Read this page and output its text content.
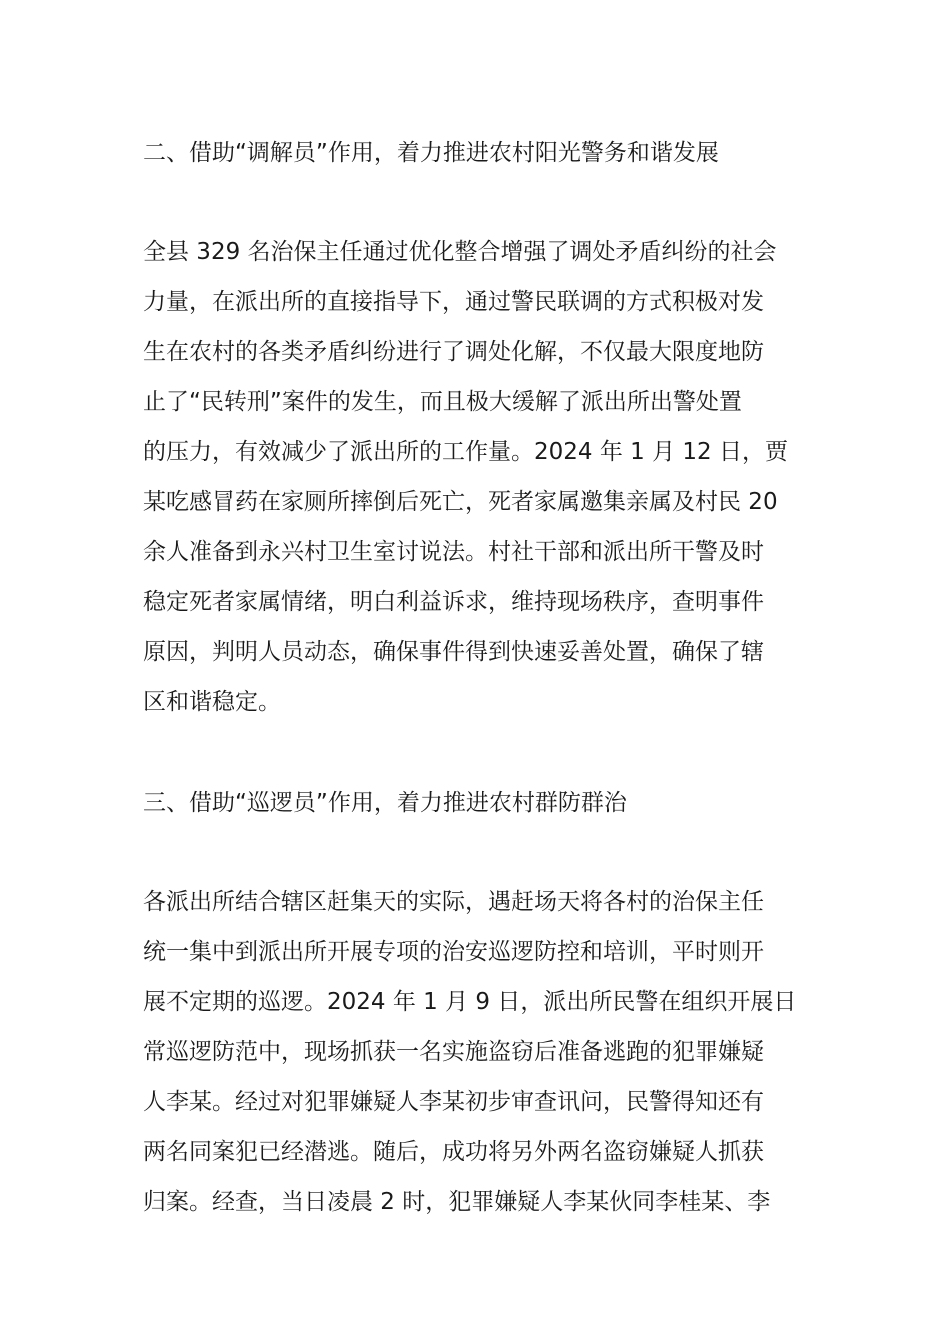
二、借助“调解员”作用，着力推进农村阳光警务和谐发展

全县 329 名治保主任通过优化整合增强了调处矛盾纠纷的社会
力量，在派出所的直接指导下，通过警民联调的方式积极对发
生在农村的各类矛盾纠纷进行了调处化解，不仅最大限度地防
止了“民转刑”案件的发生，而且极大缓解了派出所出警处置
的压力，有效减少了派出所的工作量。2024 年 1 月 12 日，贾
某吃感冒药在家厕所摔倒后死亡，死者家属邀集亲属及村民 20
余人准备到永兴村卫生室讨说法。村社干部和派出所干警及时
稳定死者家属情绪，明白利益诉求，维持现场秩序，查明事件
原因，判明人员动态，确保事件得到快速妥善处置，确保了辖
区和谐稳定。

三、借助“巡逻员”作用，着力推进农村群防群治

各派出所结合辖区赶集天的实际，遇赶场天将各村的治保主任
统一集中到派出所开展专项的治安巡逻防控和培训，平时则开
展不定期的巡逻。2024 年 1 月 9 日，派出所民警在组织开展日
常巡逻防范中，现场抓获一名实施盗窃后准备逃跑的犯罪嫌疑
人李某。经过对犯罪嫌疑人李某初步审查讯问，民警得知还有
两名同案犯已经潜逃。随后，成功将另外两名盗窃嫌疑人抓获
归案。经查，当日凌晨 2 时，犯罪嫌疑人李某伙同李桂某、李
